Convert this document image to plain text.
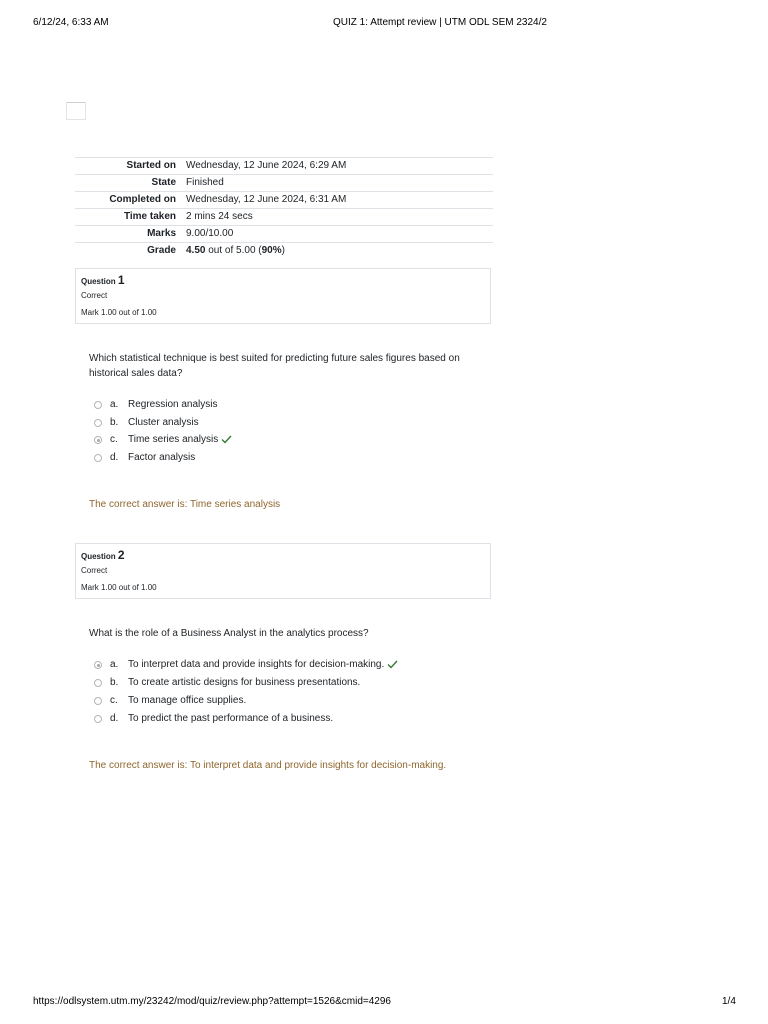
6/12/24, 6:33 AM	QUIZ 1: Attempt review | UTM ODL SEM 2324/2
Started on	Wednesday, 12 June 2024, 6:29 AM
State	Finished
Completed on	Wednesday, 12 June 2024, 6:31 AM
Time taken	2 mins 24 secs
Marks	9.00/10.00
Grade	4.50 out of 5.00 (90%)
Question 1
Correct
Mark 1.00 out of 1.00
Which statistical technique is best suited for predicting future sales figures based on historical sales data?
a. Regression analysis
b. Cluster analysis
c. Time series analysis
d. Factor analysis
The correct answer is: Time series analysis
Question 2
Correct
Mark 1.00 out of 1.00
What is the role of a Business Analyst in the analytics process?
a. To interpret data and provide insights for decision-making.
b. To create artistic designs for business presentations.
c. To manage office supplies.
d. To predict the past performance of a business.
The correct answer is: To interpret data and provide insights for decision-making.
https://odlsystem.utm.my/23242/mod/quiz/review.php?attempt=1526&cmid=4296	1/4
